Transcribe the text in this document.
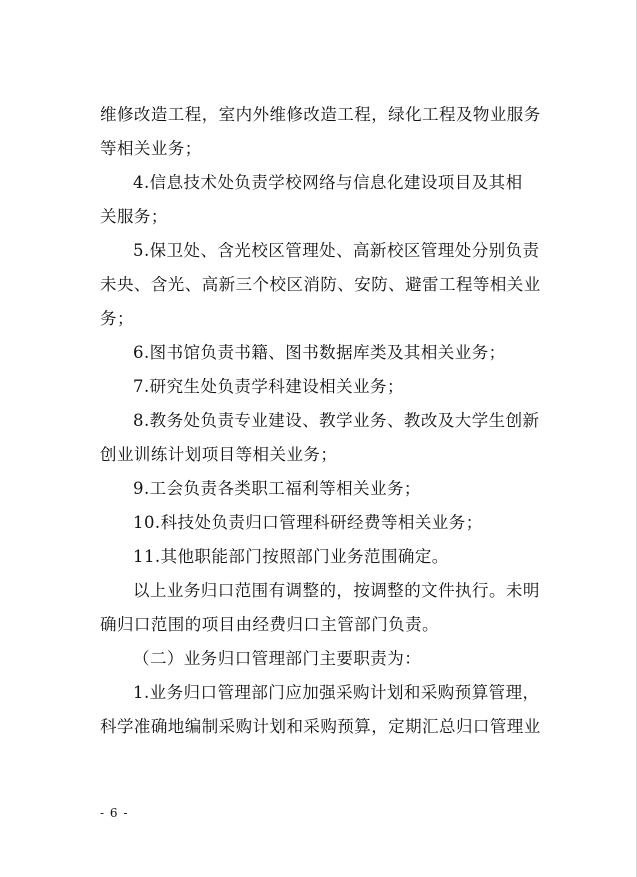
维修改造工程，室内外维修改造工程，绿化工程及物业服务
等相关业务；
4.信息技术处负责学校网络与信息化建设项目及其相
关服务；
5.保卫处、含光校区管理处、高新校区管理处分别负责
未央、含光、高新三个校区消防、安防、避雷工程等相关业
务；
6.图书馆负责书籍、图书数据库类及其相关业务；
7.研究生处负责学科建设相关业务；
8.教务处负责专业建设、教学业务、教改及大学生创新
创业训练计划项目等相关业务；
9.工会负责各类职工福利等相关业务；
10.科技处负责归口管理科研经费等相关业务；
11.其他职能部门按照部门业务范围确定。
以上业务归口范围有调整的，按调整的文件执行。未明
确归口范围的项目由经费归口主管部门负责。
（二）业务归口管理部门主要职责为：
1.业务归口管理部门应加强采购计划和采购预算管理，
科学准确地编制采购计划和采购预算，定期汇总归口管理业
- 6 -
